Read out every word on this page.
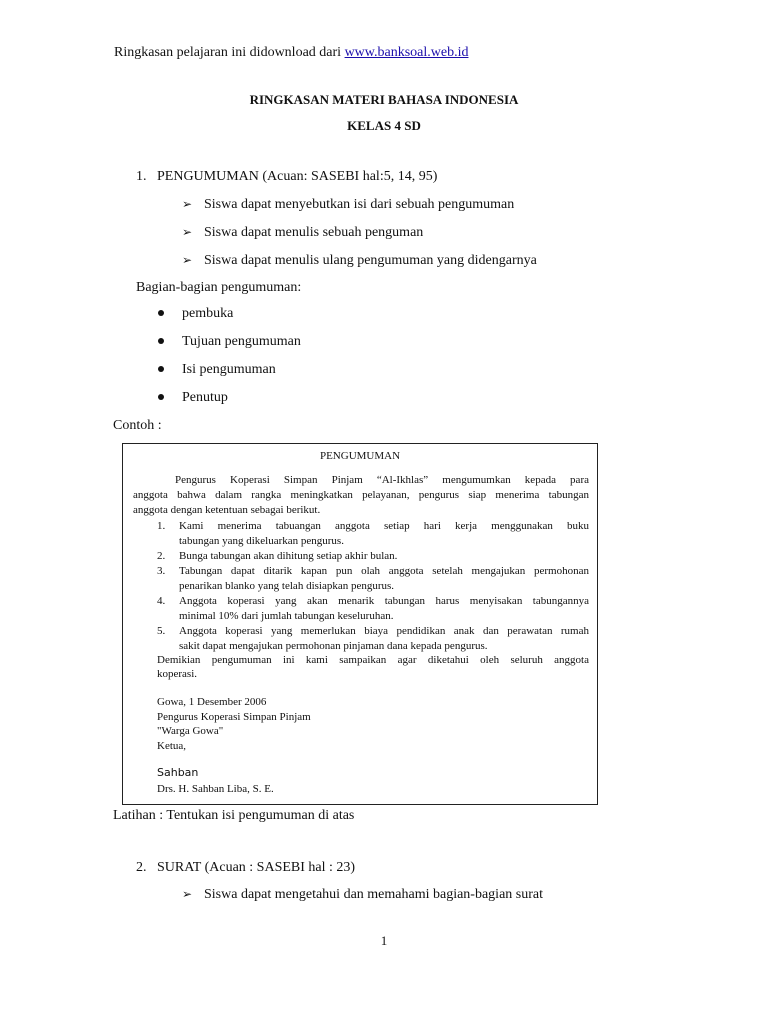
Ringkasan pelajaran ini didownload dari www.banksoal.web.id
RINGKASAN MATERI BAHASA INDONESIA
KELAS 4 SD
1. PENGUMUMAN (Acuan: SASEBI hal:5, 14, 95)
➢ Siswa dapat menyebutkan isi dari sebuah pengumuman
➢ Siswa dapat menulis sebuah penguman
➢ Siswa dapat menulis ulang pengumuman yang didengarnya
Bagian-bagian pengumuman:
pembuka
Tujuan pengumuman
Isi pengumuman
Penutup
Contoh :
PENGUMUMAN
Pengurus Koperasi Simpan Pinjam “Al-Ikhlas” mengumumkan kepada para
anggota bahwa dalam rangka meningkatkan pelayanan, pengurus siap menerima tabungan
anggota dengan ketentuan sebagai berikut.
1. Kami menerima tabuangan anggota setiap hari kerja menggunakan buku
tabungan yang dikeluarkan pengurus.
2. Bunga tabungan akan dihitung setiap akhir bulan.
3. Tabungan dapat ditarik kapan pun olah anggota setelah mengajukan permohonan
penarikan blanko yang telah disiapkan pengurus.
4. Anggota koperasi yang akan menarik tabungan harus menyisakan tabungannya
minimal 10% dari jumlah tabungan keseluruhan.
5. Anggota koperasi yang memerlukan biaya pendidikan anak dan perawatan rumah
sakit dapat mengajukan permohonan pinjaman dana kepada pengurus.
Demikian pengumuman ini kami sampaikan agar diketahui oleh seluruh anggota
koperasi.
Gowa, 1 Desember 2006
Pengurus Koperasi Simpan Pinjam
"Warga Gowa"
Ketua,
Sahban
Drs. H. Sahban Liba, S. E.
Latihan : Tentukan isi pengumuman di atas
2. SURAT (Acuan : SASEBI hal : 23)
➢ Siswa dapat mengetahui dan memahami bagian-bagian surat
1
